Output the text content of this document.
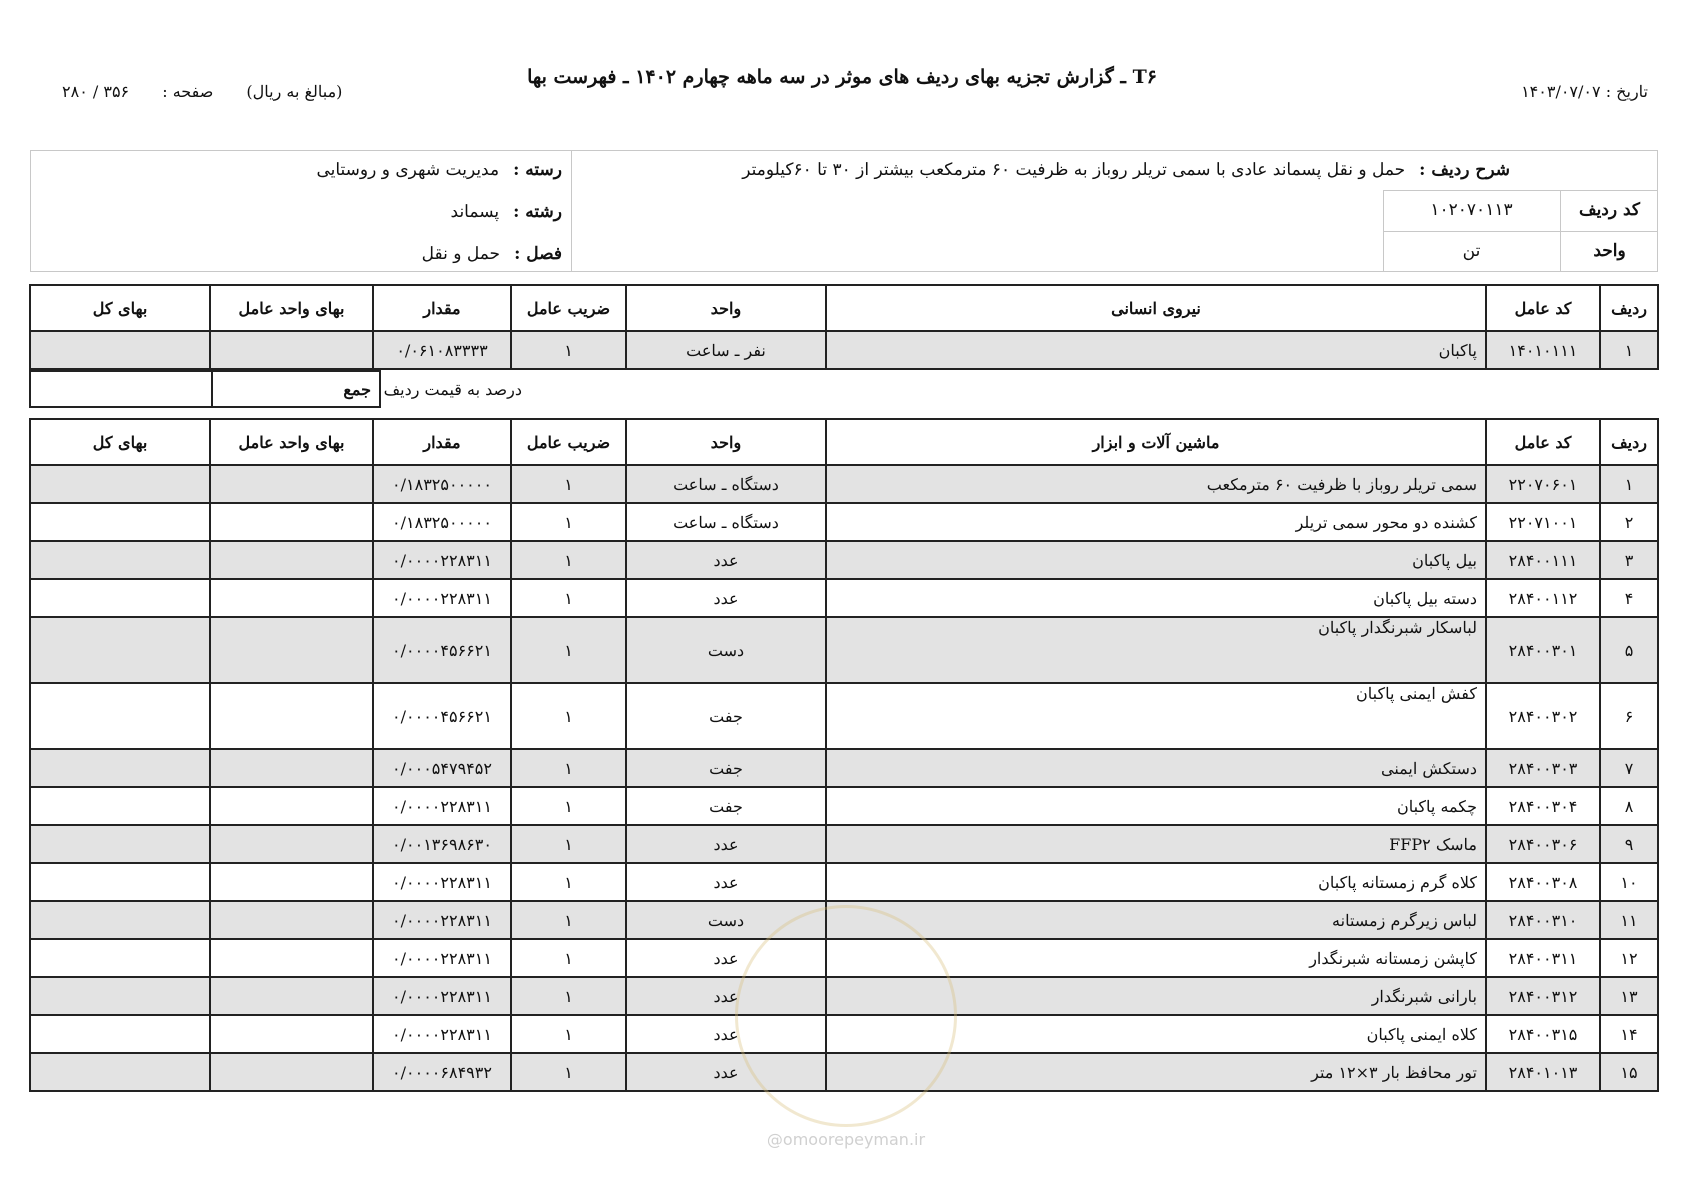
T۶ ـ گزارش تجزیه بهای ردیف های موثر در سه ماهه چهارم ۱۴۰۲ ـ فهرست بها
تاریخ : ۱۴۰۳/۰۷/۰۷
(مبالغ به ریال) صفحه : ۳۵۶ / ۲۸۰
شرح ردیف :حمل و نقل پسماند عادی با سمی تریلر روباز به ظرفیت ۶۰ مترمکعب بیشتر از ۳۰ تا ۶۰کیلومتر
کد ردیف
۱۰۲۰۷۰۱۱۳
واحد
تن
رسته :مدیریت شهری و روستایی
رشته :پسماند
فصل :حمل و نقل
ردیف	کد عامل	نیروی انسانی	واحد	ضریب عامل	مقدار	بهای واحد عامل	بهای کل
۱	۱۴۰۱۰۱۱۱	پاکبان	نفر ـ ساعت	۱	۰/۰۶۱۰۸۳۳۳۳		
درصد به قیمت ردیف	جمع	
ردیف	کد عامل	ماشین آلات و ابزار	واحد	ضریب عامل	مقدار	بهای واحد عامل	بهای کل
۱	۲۲۰۷۰۶۰۱	سمی تریلر روباز با ظرفیت ۶۰ مترمکعب	دستگاه ـ ساعت	۱	۰/۱۸۳۲۵۰۰۰۰۰		
۲	۲۲۰۷۱۰۰۱	کشنده دو محور سمی تریلر	دستگاه ـ ساعت	۱	۰/۱۸۳۲۵۰۰۰۰۰		
۳	۲۸۴۰۰۱۱۱	بیل پاکبان	عدد	۱	۰/۰۰۰۰۲۲۸۳۱۱		
۴	۲۸۴۰۰۱۱۲	دسته بیل پاکبان	عدد	۱	۰/۰۰۰۰۲۲۸۳۱۱		
۵	۲۸۴۰۰۳۰۱	لباسکار شبرنگدار پاکبان	دست	۱	۰/۰۰۰۰۴۵۶۶۲۱		
۶	۲۸۴۰۰۳۰۲	کفش ایمنی پاکبان	جفت	۱	۰/۰۰۰۰۴۵۶۶۲۱		
۷	۲۸۴۰۰۳۰۳	دستکش ایمنی	جفت	۱	۰/۰۰۰۵۴۷۹۴۵۲		
۸	۲۸۴۰۰۳۰۴	چکمه پاکبان	جفت	۱	۰/۰۰۰۰۲۲۸۳۱۱		
۹	۲۸۴۰۰۳۰۶	ماسک FFP۲	عدد	۱	۰/۰۰۱۳۶۹۸۶۳۰		
۱۰	۲۸۴۰۰۳۰۸	کلاه گرم زمستانه پاکبان	عدد	۱	۰/۰۰۰۰۲۲۸۳۱۱		
۱۱	۲۸۴۰۰۳۱۰	لباس زیرگرم زمستانه	دست	۱	۰/۰۰۰۰۲۲۸۳۱۱		
۱۲	۲۸۴۰۰۳۱۱	کاپشن زمستانه شبرنگدار	عدد	۱	۰/۰۰۰۰۲۲۸۳۱۱		
۱۳	۲۸۴۰۰۳۱۲	بارانی شبرنگدار	عدد	۱	۰/۰۰۰۰۲۲۸۳۱۱		
۱۴	۲۸۴۰۰۳۱۵	کلاه ایمنی پاکبان	عدد	۱	۰/۰۰۰۰۲۲۸۳۱۱		
۱۵	۲۸۴۰۱۰۱۳	تور محافظ بار ۳×۱۲ متر	عدد	۱	۰/۰۰۰۰۶۸۴۹۳۲		
@omoorepeyman.ir
